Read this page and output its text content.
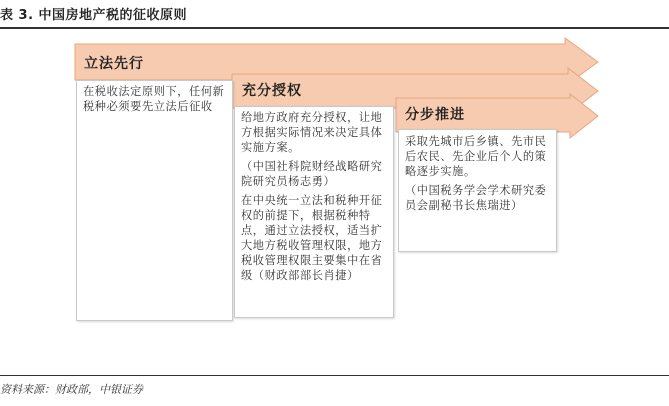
表 3. 中国房地产税的征收原则
立法先行

在税收法定原则下，任何新税种必须要先立法后征收

充分授权

给地方政府充分授权，让地方根据实际情况来决定具体实施方案。

（中国社科院财经战略研究院研究员杨志勇）

在中央统一立法和税种开征权的前提下，根据税种特点，通过立法授权，适当扩大地方税收管理权限，地方税收管理权限主要集中在省级（财政部部长肖捷）

分步推进

采取先城市后乡镇、先市民后农民、先企业后个人的策略逐步实施。

（中国税务学会学术研究委员会副秘书长焦瑞进）

资料来源：财政部，中银证券
